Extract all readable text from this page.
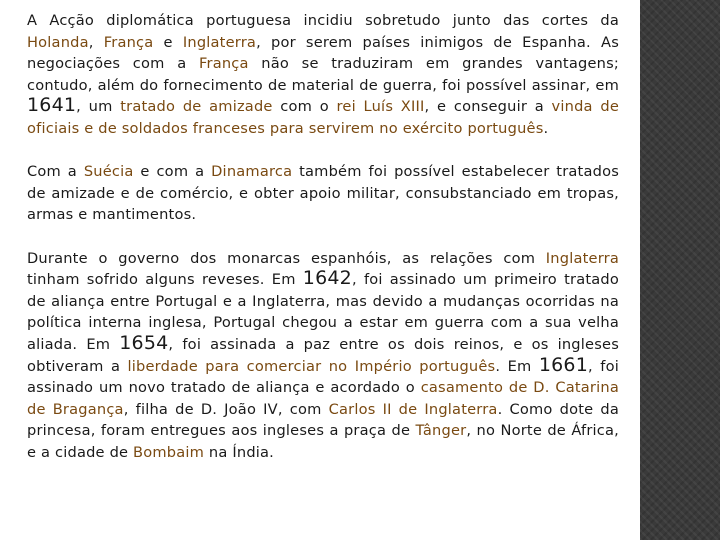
A Acção diplomática portuguesa incidiu sobretudo junto das cortes da Holanda, França e Inglaterra, por serem países inimigos de Espanha. As negociações com a França não se traduziram em grandes vantagens; contudo, além do fornecimento de material de guerra, foi possível assinar, em 1641, um tratado de amizade com o rei Luís XIII, e conseguir a vinda de oficiais e de soldados franceses para servirem no exército português.

Com a Suécia e com a Dinamarca também foi possível estabelecer tratados de amizade e de comércio, e obter apoio militar, consubstanciado em tropas, armas e mantimentos.

Durante o governo dos monarcas espanhóis, as relações com Inglaterra tinham sofrido alguns reveses. Em 1642, foi assinado um primeiro tratado de aliança entre Portugal e a Inglaterra, mas devido a mudanças ocorridas na política interna inglesa, Portugal chegou a estar em guerra com a sua velha aliada. Em 1654, foi assinada a paz entre os dois reinos, e os ingleses obtiveram a liberdade para comerciar no Império português. Em 1661, foi assinado um novo tratado de aliança e acordado o casamento de D. Catarina de Bragança, filha de D. João IV, com Carlos II de Inglaterra. Como dote da princesa, foram entregues aos ingleses a praça de Tânger, no Norte de África, e a cidade de Bombaim na Índia.
